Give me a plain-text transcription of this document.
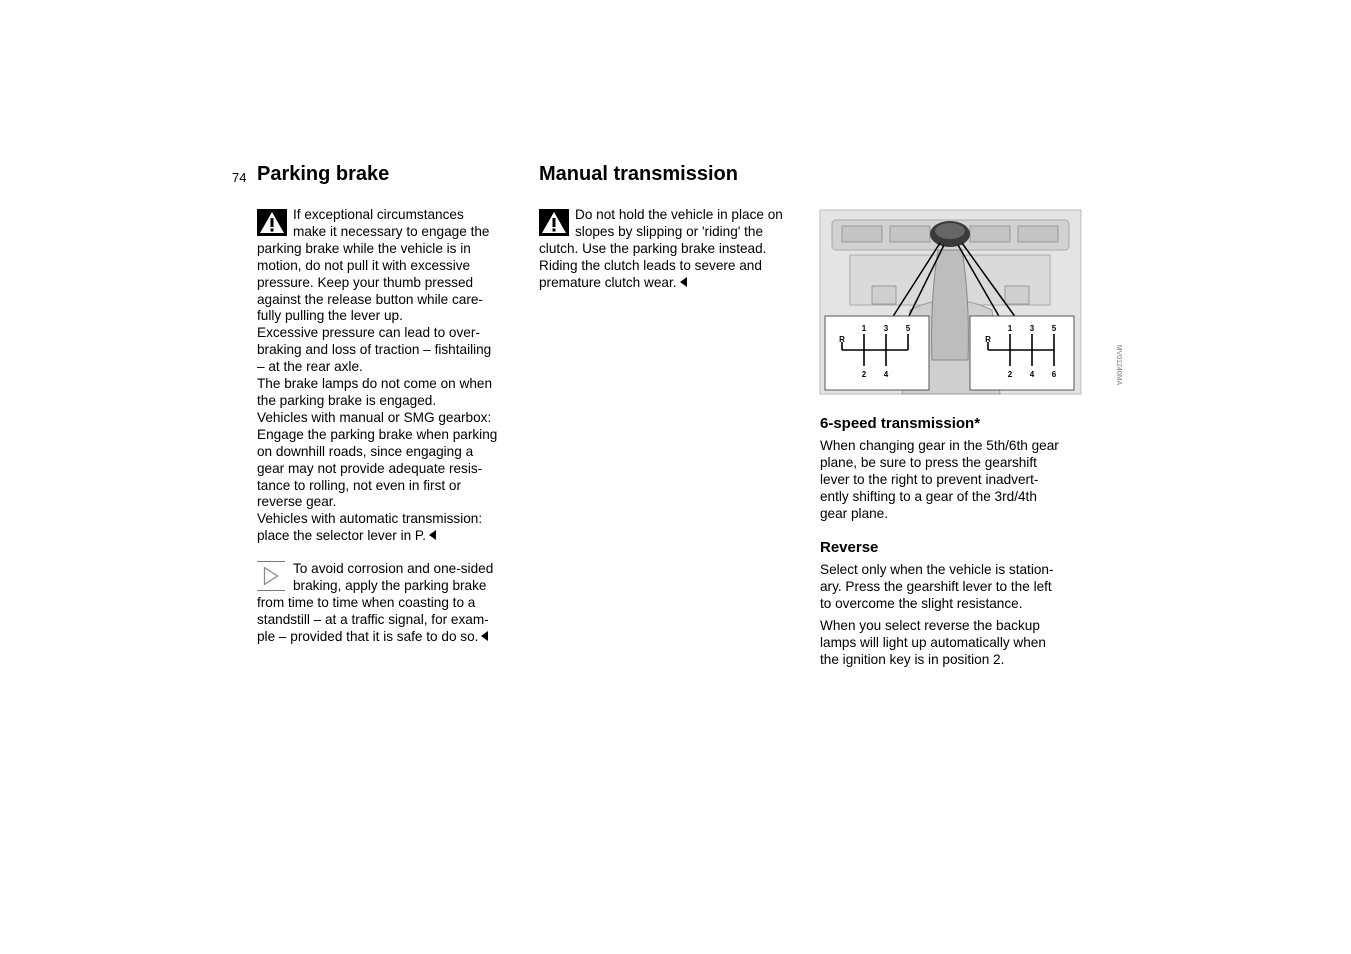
74 Parking brake
If exceptional circumstances
make it necessary to engage the
parking brake while the vehicle is in
motion, do not pull it with excessive
pressure. Keep your thumb pressed
against the release button while care-
fully pulling the lever up.
Excessive pressure can lead to over-
braking and loss of traction – fishtailing
– at the rear axle.
The brake lamps do not come on when
the parking brake is engaged.
Vehicles with manual or SMG gearbox:
Engage the parking brake when parking
on downhill roads, since engaging a
gear may not provide adequate resis-
tance to rolling, not even in first or
reverse gear.
Vehicles with automatic transmission:
place the selector lever in P.
To avoid corrosion and one-sided
braking, apply the parking brake
from time to time when coasting to a
standstill – at a traffic signal, for exam-
ple – provided that it is safe to do so.
Manual transmission
Do not hold the vehicle in place on
slopes by slipping or 'riding' the
clutch. Use the parking brake instead.
Riding the clutch leads to severe and
premature clutch wear.
R
1
2
3
4
5
R
1
2
3
4
5
6	MV01240MA
6-speed transmission*
When changing gear in the 5th/6th gear
plane, be sure to press the gearshift
lever to the right to prevent inadvert-
ently shifting to a gear of the 3rd/4th
gear plane.
Reverse
Select only when the vehicle is station-
ary. Press the gearshift lever to the left
to overcome the slight resistance.
When you select reverse the backup
lamps will light up automatically when
the ignition key is in position 2.
